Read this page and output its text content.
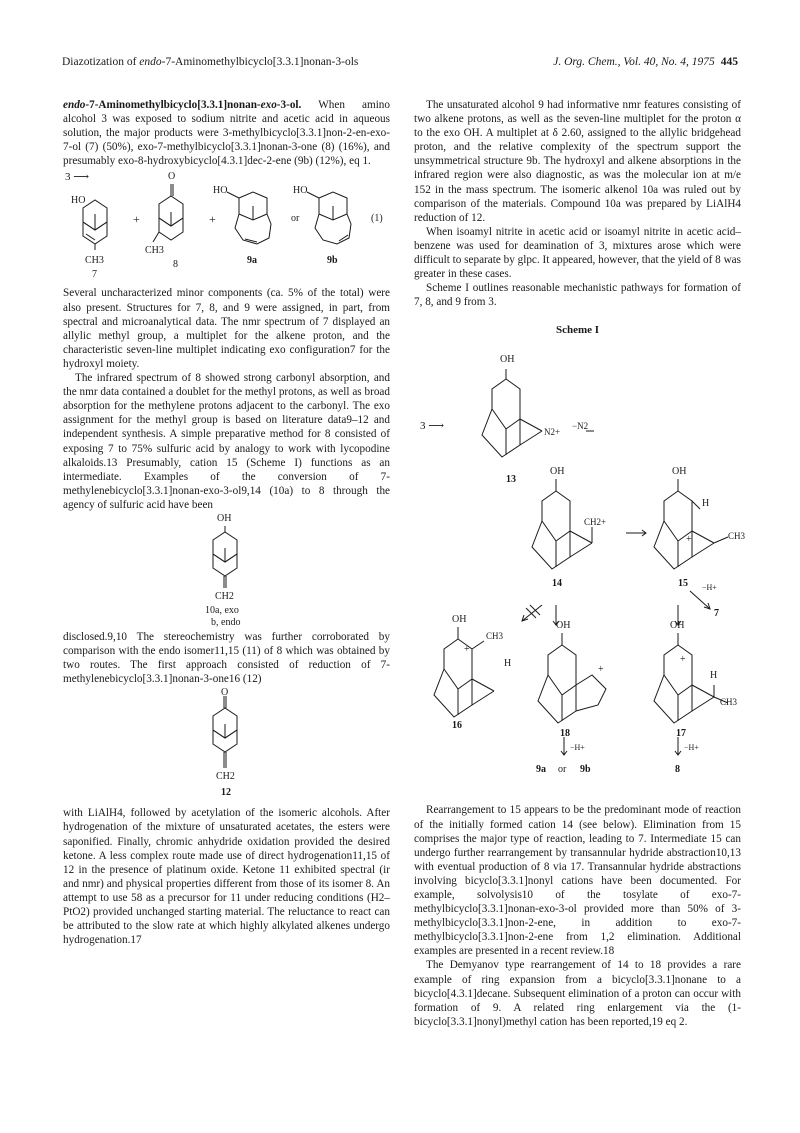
Diazotization of endo-7-Aminomethylbicyclo[3.3.1]nonan-3-ols	J. Org. Chem., Vol. 40, No. 4, 1975 445

endo-7-Aminomethylbicyclo[3.3.1]nonan-exo-3-ol. When amino alcohol 3 was exposed to sodium nitrite and acetic acid in aqueous solution, the major products were 3-methylbicyclo[3.3.1]non-2-en-exo-7-ol (7) (50%), exo-7-methylbicyclo[3.3.1]nonan-3-one (8) (16%), and presumably exo-8-hydroxybicyclo[4.3.1]dec-2-ene (9b) (12%), eq 1.

3 ⟶
HO
CH3
7
+
O
CH3
8
+
HO
9a
or
HO
9b
(1)

Several uncharacterized minor components (ca. 5% of the total) were also present. Structures for 7, 8, and 9 were assigned, in part, from spectral and microanalytical data. The nmr spectrum of 7 displayed an allylic methyl group, a multiplet for the alkene proton, and the characteristic seven-line multiplet indicating exo configuration7 for the hydroxyl moiety.

The infrared spectrum of 8 showed strong carbonyl absorption, and the nmr data contained a doublet for the methyl protons, as well as broad absorption for the methylene protons adjacent to the carbonyl. The exo assignment for the methyl group is based on literature data9–12 and independent synthesis. A simple preparative method for 8 consisted of exposing 7 to 75% sulfuric acid by analogy to work with lycopodine alkaloids.13 Presumably, cation 15 (Scheme I) functions as an intermediate. Examples of the conversion of 7-methylenebicyclo[3.3.1]nonan-exo-3-ol9,14 (10a) to 8 through the agency of sulfuric acid have been

OH
CH2
10a, exo
b, endo

disclosed.9,10 The stereochemistry was further corroborated by comparison with the endo isomer11,15 (11) of 8 which was obtained by two routes. The first approach consisted of reduction of 7-methylenebicyclo[3.3.1]nonan-3-one16 (12)

O
CH2
12

with LiAlH4, followed by acetylation of the isomeric alcohols. After hydrogenation of the mixture of unsaturated acetates, the esters were saponified. Finally, chromic anhydride oxidation provided the desired ketone. A less complex route made use of direct hydrogenation11,15 of 12 in the presence of platinum oxide. Ketone 11 exhibited spectral (ir and nmr) and physical properties different from those of its isomer 8. An attempt to use 58 as a precursor for 11 under reducing conditions (H2–PtO2) provided unchanged starting material. The reluctance to react can be attributed to the slow rate at which highly alkylated alkenes undergo hydrogenation.17

The unsaturated alcohol 9 had informative nmr features consisting of two alkene protons, as well as the seven-line multiplet for the proton α to the exo OH. A multiplet at δ 2.60, assigned to the allylic bridgehead proton, and the relative complexity of the spectrum support the unsymmetrical structure 9b. The hydroxyl and alkene absorptions in the infrared region were also diagnostic, as was the molecular ion at m/e 152 in the mass spectrum. The isomeric alkenol 10a was ruled out by comparison of the materials. Compound 10a was prepared by LiAlH4 reduction of 12.

When isoamyl nitrite in acetic acid or isoamyl nitrite in acetic acid–benzene was used for deamination of 3, mixtures arose which were difficult to separate by glpc. It appeared, however, that the yield of 8 was greater in these cases.

Scheme I outlines reasonable mechanistic pathways for formation of 7, 8, and 9 from 3.

Scheme I
3 ⟶
OH
N2+
−N2
13
OH
CH2+
14
OH
H
+	CH3
15 −H+
7
OH
+
CH3
H
16
OH
+
18
−H+
9a or 9b
OH
+
H
CH3
17
−H+
8

Rearrangement to 15 appears to be the predominant mode of reaction of the initially formed cation 14 (see below). Elimination from 15 comprises the major type of reaction, leading to 7. Intermediate 15 can undergo further rearrangement by transannular hydride abstraction10,13 with eventual production of 8 via 17. Transannular hydride abstractions involving bicyclo[3.3.1]nonyl cations have been documented. For example, solvolysis10 of the tosylate of exo-7-methylbicyclo[3.3.1]nonan-exo-3-ol provided more than 50% of 3-methylbicyclo[3.3.1]non-2-ene, in addition to exo-7-methylbicyclo[3.3.1]non-2-ene from 1,2 elimination. Additional examples are presented in a recent review.18

The Demyanov type rearrangement of 14 to 18 provides a rare example of ring expansion from a bicyclo[3.3.1]nonane to a bicyclo[4.3.1]decane. Subsequent elimination of a proton can occur with formation of 9. A related ring enlargement via the (1-bicyclo[3.3.1]nonyl)methyl cation has been reported,19 eq 2.
